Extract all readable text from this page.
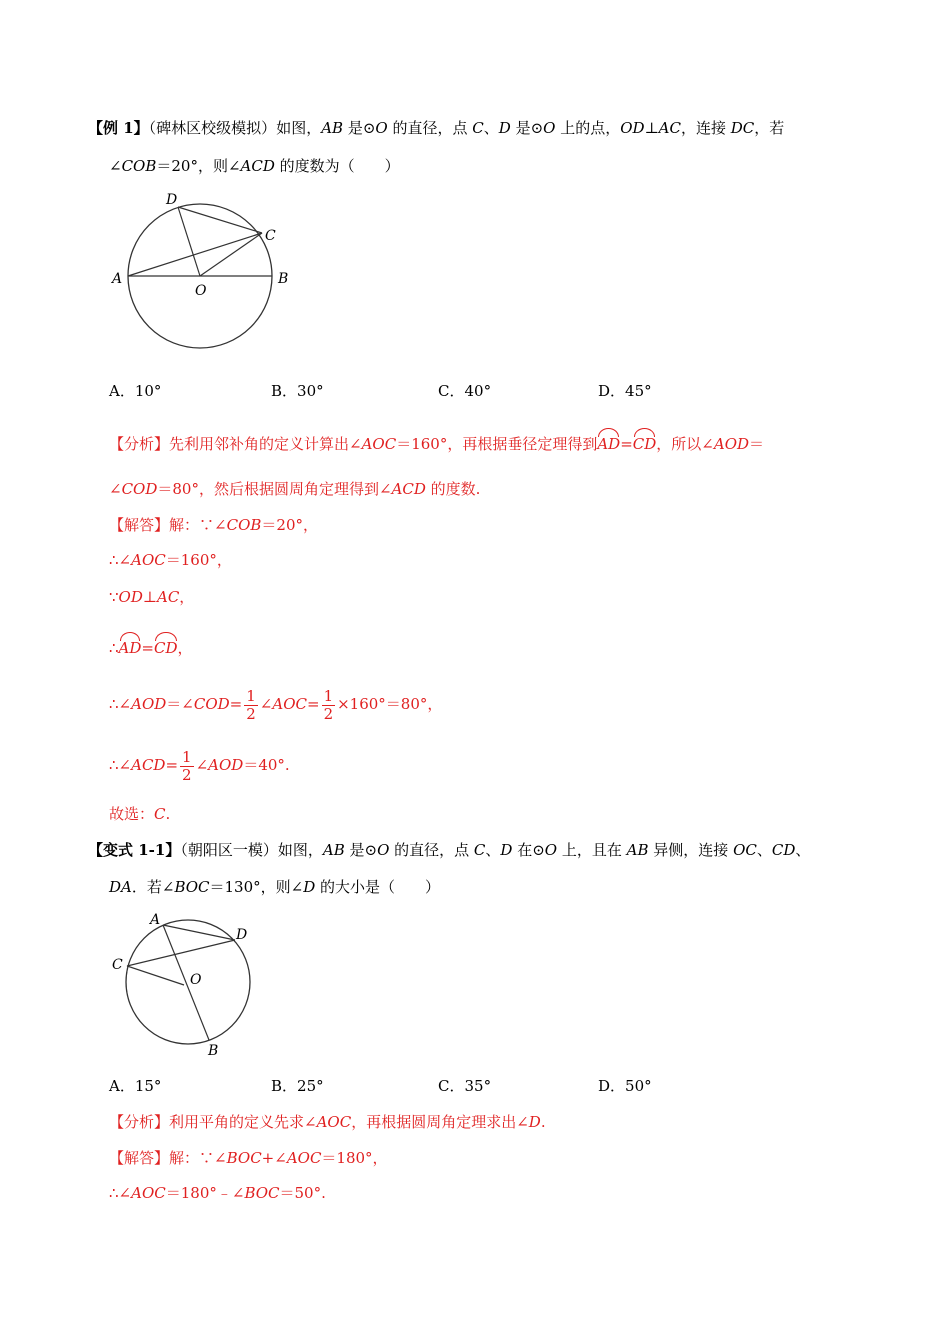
【例 1】（碑林区校级模拟）如图，AB 是⊙O 的直径，点 C、D 是⊙O 上的点，OD⊥AC，连接 DC，若
∠COB＝20°，则∠ACD 的度数为（　　）
A	B
C
D
O
A．10°	B．30°	C．40°	D．45°
【分析】先利用邻补角的定义计算出∠AOC＝160°，再根据垂径定理得到AD=CD，所以∠AOD＝
∠COD＝80°，然后根据圆周角定理得到∠ACD 的度数.
【解答】解：∵∠COB＝20°，
∴∠AOC＝160°，
∵OD⊥AC，
∴AD=CD，
∴∠AOD＝∠COD= $\frac{1}{2}$ ∠AOC= $\frac{1}{2} \times 160^\circ=80^\circ$，
∴∠ACD= $\frac{1}{2}$ ∠AOD＝40°.
故选：C.
【变式 1-1】（朝阳区一模）如图，AB 是⊙O 的直径，点 C、D 在⊙O 上，且在 AB 异侧，连接 OC、CD、
DA．若∠BOC＝130°，则∠D 的大小是（　　）
A
B
C
D
O
A．15°	B．25°	C．35°	D．50°
【分析】利用平角的定义先求∠AOC，再根据圆周角定理求出∠D.
【解答】解：∵∠BOC+∠AOC＝180°，
∴∠AOC＝180°﹣∠BOC＝50°.
